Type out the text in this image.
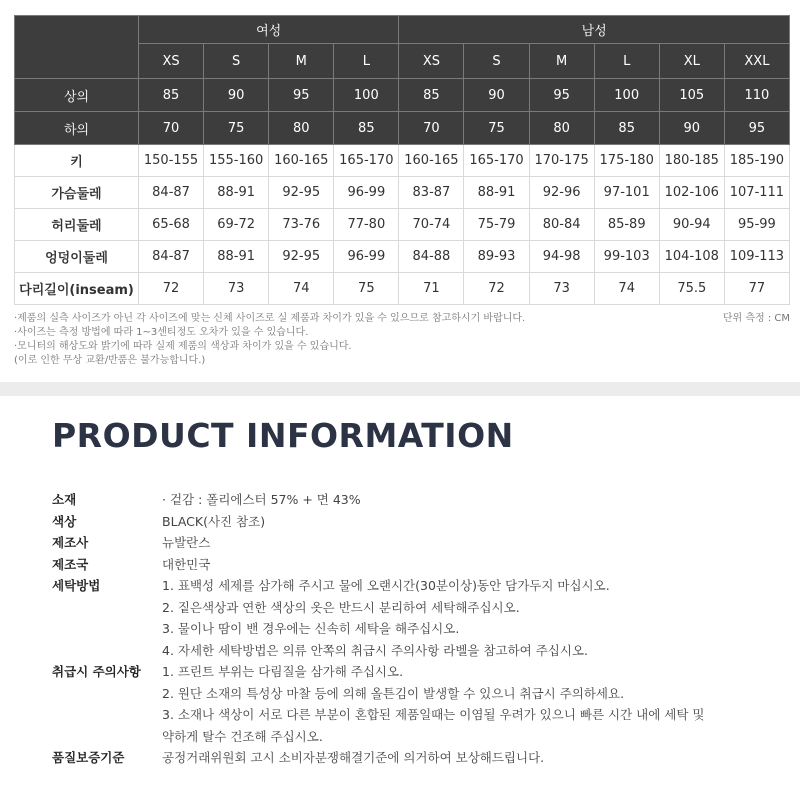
	여성				남성					
	XS	S	M	L	XS	S	M	L	XL	XXL
상의	85	90	95	100	85	90	95	100	105	110
하의	70	75	80	85	70	75	80	85	90	95
키	150-155	155-160	160-165	165-170	160-165	165-170	170-175	175-180	180-185	185-190
가슴둘레	84-87	88-91	92-95	96-99	83-87	88-91	92-96	97-101	102-106	107-111
허리둘레	65-68	69-72	73-76	77-80	70-74	75-79	80-84	85-89	90-94	95-99
엉덩이둘레	84-87	88-91	92-95	96-99	84-88	89-93	94-98	99-103	104-108	109-113
다리길이(inseam)	72	73	74	75	71	72	73	74	75.5	77
단위 측정 : CM
·제품의 실측 사이즈가 아닌 각 사이즈에 맞는 신체 사이즈로 실 제품과 차이가 있을 수 있으므로 참고하시기 바랍니다.
·사이즈는 측정 방법에 따라 1~3센티정도 오차가 있을 수 있습니다.
·모니터의 해상도와 밝기에 따라 실제 제품의 색상과 차이가 있을 수 있습니다.
(이로 인한 무상 교환/반품은 불가능합니다.)
PRODUCT INFORMATION
소재	· 겉감 : 폴리에스터 57% + 면 43%
색상	BLACK(사진 참조)
제조사	뉴발란스
제조국	대한민국
세탁방법	1. 표백성 세제를 삼가해 주시고 물에 오랜시간(30분이상)동안 담가두지 마십시오.
2. 짙은색상과 연한 색상의 옷은 반드시 분리하여 세탁해주십시오.
3. 물이나 땀이 밴 경우에는 신속히 세탁을 해주십시오.
4. 자세한 세탁방법은 의류 안쪽의 취급시 주의사항 라벨을 참고하여 주십시오.
취급시 주의사항	1. 프린트 부위는 다림질을 삼가해 주십시오.
2. 원단 소재의 특성상 마찰 등에 의해 올튼김이 발생할 수 있으니 취급시 주의하세요.
3. 소재나 색상이 서로 다른 부분이 혼합된 제품일때는 이염될 우려가 있으니 빠른 시간 내에 세탁 및
약하게 탈수 건조해 주십시오.
품질보증기준	공정거래위원회 고시 소비자분쟁해결기준에 의거하여 보상해드립니다.
